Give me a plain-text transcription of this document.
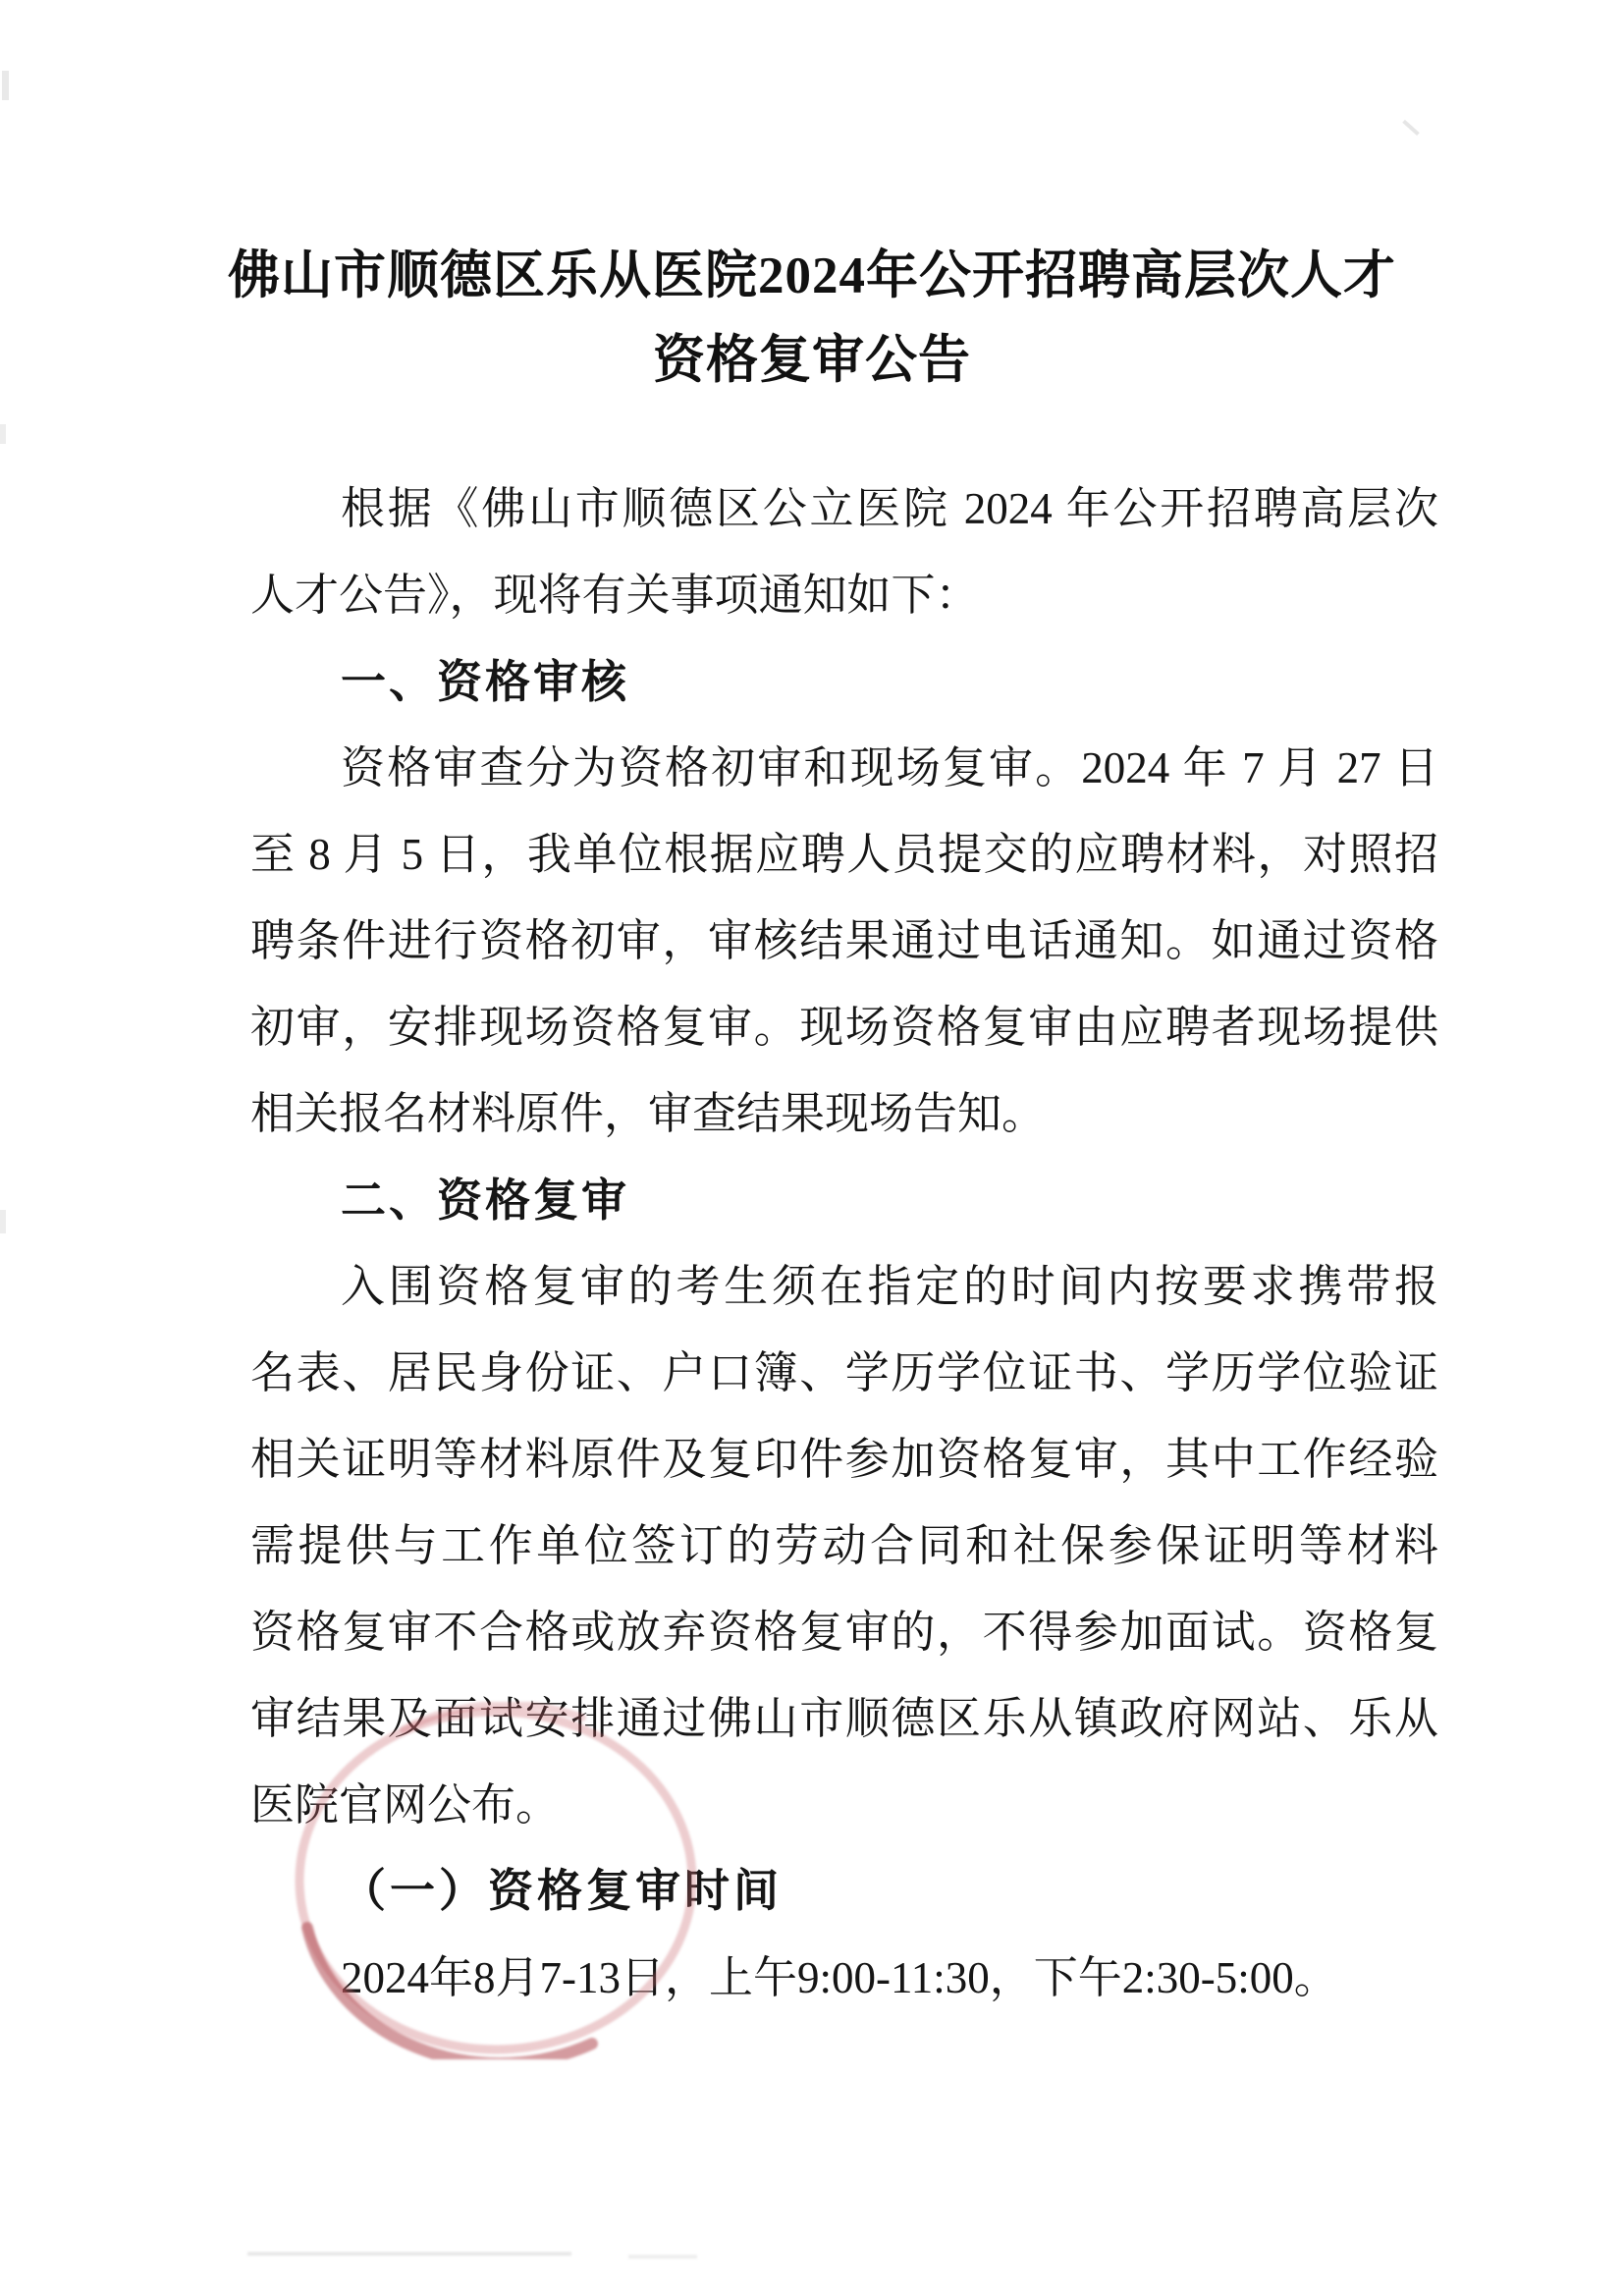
佛山市顺德区乐从医院2024年公开招聘高层次人才
资格复审公告
根据《佛山市顺德区公立医院 2024 年公开招聘高层次
人才公告》，现将有关事项通知如下：
一、资格审核
资格审查分为资格初审和现场复审。2024 年 7 月 27 日
至 8 月 5 日，我单位根据应聘人员提交的应聘材料，对照招
聘条件进行资格初审，审核结果通过电话通知。如通过资格
初审，安排现场资格复审。现场资格复审由应聘者现场提供
相关报名材料原件，审查结果现场告知。
二、资格复审
入围资格复审的考生须在指定的时间内按要求携带报
名表、居民身份证、户口簿、学历学位证书、学历学位验证
相关证明等材料原件及复印件参加资格复审，其中工作经验
需提供与工作单位签订的劳动合同和社保参保证明等材料
资格复审不合格或放弃资格复审的，不得参加面试。资格复
审结果及面试安排通过佛山市顺德区乐从镇政府网站、乐从
医院官网公布。
（一）资格复审时间
2024年8月7-13日，上午9:00-11:30，下午2:30-5:00。
